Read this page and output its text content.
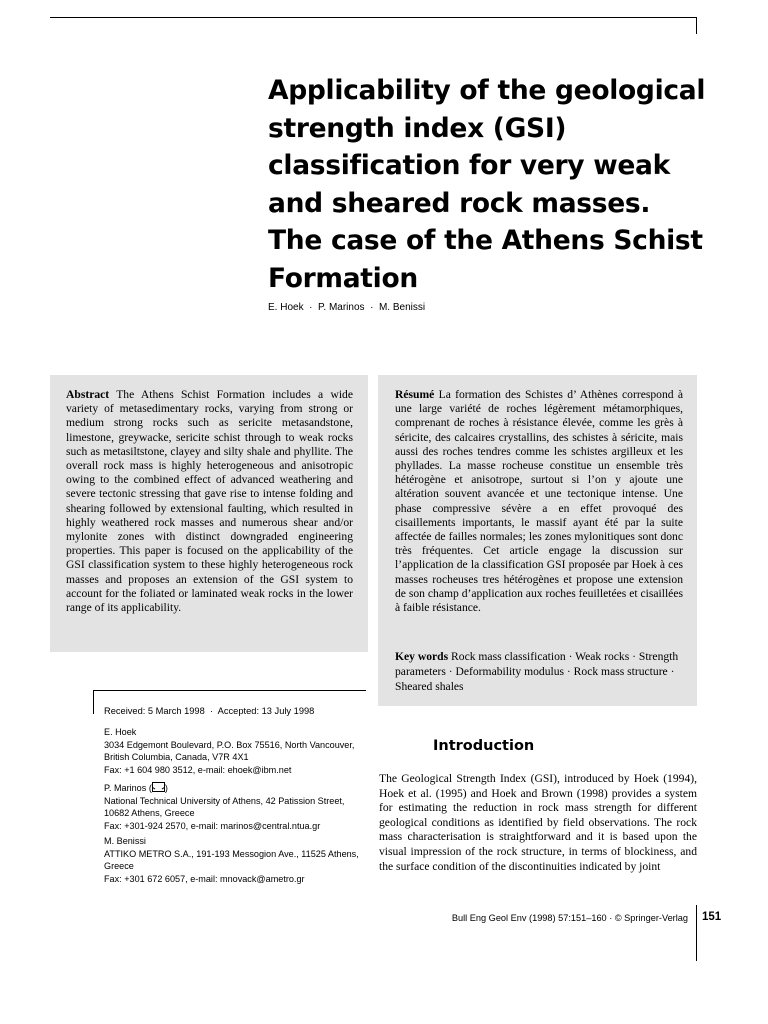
Applicability of the geological strength index (GSI) classification for very weak and sheared rock masses. The case of the Athens Schist Formation
E. Hoek  ·  P. Marinos  ·  M. Benissi

Abstract The Athens Schist Formation includes a wide variety of metasedimentary rocks, varying from strong or medium strong rocks such as sericite metasandstone, limestone, greywacke, sericite schist through to weak rocks such as metasiltstone, clayey and silty shale and phyllite. The overall rock mass is highly heterogeneous and anisotropic owing to the combined effect of advanced weathering and severe tectonic stressing that gave rise to intense folding and shearing followed by extensional faulting, which resulted in highly weathered rock masses and numerous shear and/or mylonite zones with distinct downgraded engineering properties. This paper is focused on the applicability of the GSI classification system to these highly heterogeneous rock masses and proposes an extension of the GSI system to account for the foliated or laminated weak rocks in the lower range of its applicability.

Résumé La formation des Schistes d’ Athènes correspond à une large variété de roches légèrement métamorphiques, comprenant de roches à résistance élevée, comme les grès à séricite, des calcaires crystallins, des schistes à séricite, mais aussi des roches tendres comme les schistes argilleux et les phyllades. La masse rocheuse constitue un ensemble très hétérogène et anisotrope, surtout si l’on y ajoute une altération souvent avancée et une tectonique intense. Une phase compressive sévère a en effet provoqué des cisaillements importants, le massif ayant été par la suite affectée de failles normales; les zones mylonitiques sont donc très fréquentes. Cet article engage la discussion sur l’application de la classification GSI proposée par Hoek à ces masses rocheuses tres hétérogènes et propose une extension de son champ d’application aux roches feuilletées et cisaillées à faible résistance.

Key words Rock mass classification · Weak rocks · Strength parameters · Deformability modulus · Rock mass structure · Sheared shales

Received: 5 March 1998  ·  Accepted: 13 July 1998
E. Hoek
3034 Edgemont Boulevard, P.O. Box 75516, North Vancouver,
British Columbia, Canada, V7R 4X1
Fax: +1 604 980 3512, e-mail: ehoek@ibm.net
P. Marinos ( )
National Technical University of Athens, 42 Patission Street,
10682 Athens, Greece
Fax: +301-924 2570, e-mail: marinos@central.ntua.gr
M. Benissi
ATTIKO METRO S.A., 191-193 Messogion Ave., 11525 Athens,
Greece
Fax: +301 672 6057, e-mail: mnovack@ametro.gr
Introduction

The Geological Strength Index (GSI), introduced by Hoek (1994), Hoek et al. (1995) and Hoek and Brown (1998) provides a system for estimating the reduction in rock mass strength for different geological conditions as identified by field observations. The rock mass characterisation is straightforward and it is based upon the visual impression of the rock structure, in terms of blockiness, and the surface condition of the discontinuities indicated by joint

Bull Eng Geol Env (1998) 57:151–160 · © Springer-Verlag 151
